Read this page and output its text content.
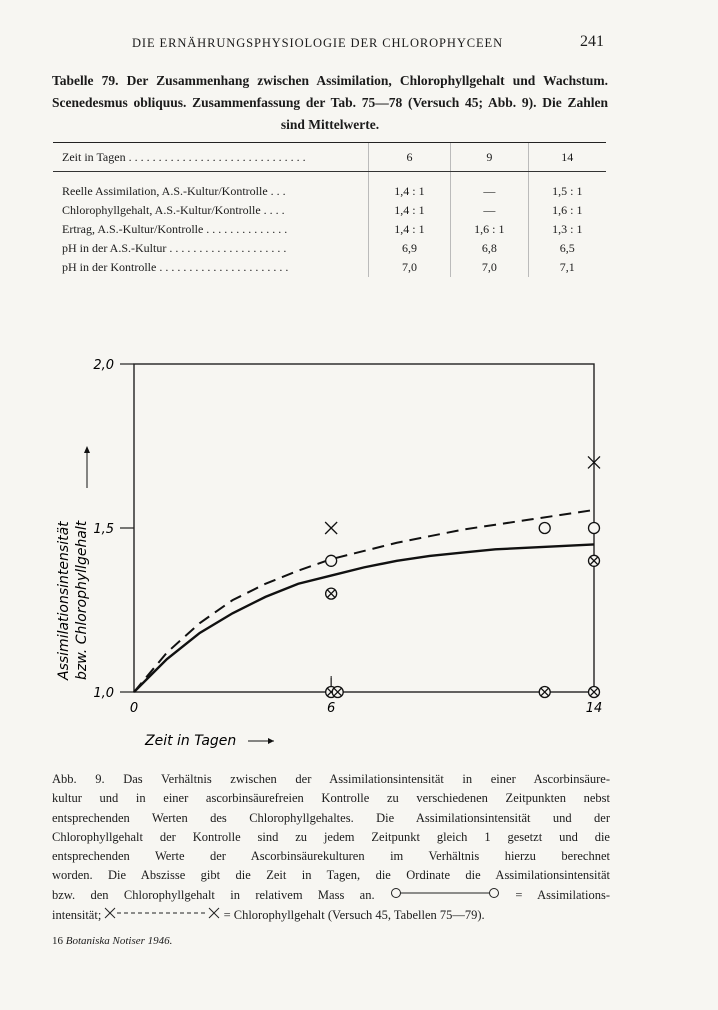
DIE ERNÄHRUNGSPHYSIOLOGIE DER CHLOROPHYCEEN	241
Tabelle 79. Der Zusammenhang zwischen Assimilation, Chlorophyllgehalt und Wachstum. Scenedesmus obliquus. Zusammenfassung der Tab. 75—78 (Versuch 45; Abb. 9). Die Zahlen sind Mittelwerte.
Zeit in Tagen . . . . . . . . . . . . . . . . . . . . . . . . . . . . . .	6	9	14
Reelle Assimilation, A.S.-Kultur/Kontrolle . . .	1,4 : 1	—	1,5 : 1
Chlorophyllgehalt, A.S.-Kultur/Kontrolle . . . .	1,4 : 1	—	1,6 : 1
Ertrag, A.S.-Kultur/Kontrolle . . . . . . . . . . . . . .	1,4 : 1	1,6 : 1	1,3 : 1
pH in der A.S.-Kultur . . . . . . . . . . . . . . . . . . . .	6,9	6,8	6,5
pH in der Kontrolle . . . . . . . . . . . . . . . . . . . . . .	7,0	7,0	7,1
1,0
1,5
2,0
0	6	14
Zeit in Tagen
Assimilationsintensität bzw. Chlorophyllgehalt
Abb. 9. Das Verhältnis zwischen der Assimilationsintensität in einer Ascorbinsäure-
kultur und in einer ascorbinsäurefreien Kontrolle zu verschiedenen Zeitpunkten nebst
entsprechenden Werten des Chlorophyllgehaltes. Die Assimilationsintensität und der
Chlorophyllgehalt der Kontrolle sind zu jedem Zeitpunkt gleich 1 gesetzt und die
entsprechenden Werte der Ascorbinsäurekulturen im Verhältnis hierzu berechnet
worden. Die Abszisse gibt die Zeit in Tagen, die Ordinate die Assimilationsintensität
bzw. den Chlorophyllgehalt in relativem Mass an.	= Assimilations-
intensität;	= Chlorophyllgehalt (Versuch 45, Tabellen 75—79).
16 Botaniska Notiser 1946.
